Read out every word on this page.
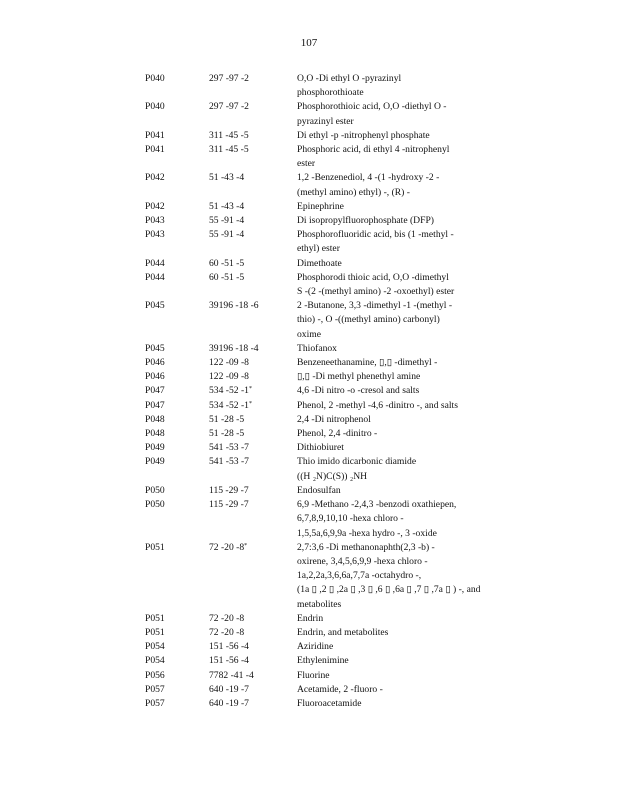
107
P040	297 -97 -2	O,O -Di ethyl O -pyrazinyl
phosphorothioate
P040	297 -97 -2	Phosphorothioic acid, O,O -diethyl O -
pyrazinyl ester
P041	311 -45 -5	Di ethyl -p -nitrophenyl phosphate
P041	311 -45 -5	Phosphoric acid, di ethyl 4 -nitrophenyl
ester
P042	51 -43 -4	1,2 -Benzenediol, 4 -(1 -hydroxy -2 -
(methyl amino) ethyl) -, (R) -
P042	51 -43 -4	Epinephrine
P043	55 -91 -4	Di isopropylfluorophosphate (DFP)
P043	55 -91 -4	Phosphorofluoridic acid, bis (1 -methyl -
ethyl) ester
P044	60 -51 -5	Dimethoate
P044	60 -51 -5	Phosphorodi thioic acid, O,O -dimethyl
S -(2 -(methyl amino) -2 -oxoethyl) ester
P045	39196 -18 -6	2 -Butanone, 3,3 -dimethyl -1 -(methyl -
thio) -, O -((methyl amino) carbonyl)
oxime
P045	39196 -18 -4	Thiofanox
P046	122 -09 -8	Benzeneethanamine, ▯,▯ -dimethyl -
P046	122 -09 -8	▯,▯ -Di methyl phenethyl amine
P047	534 -52 -1*	4,6 -Di nitro -o -cresol and salts
P047	534 -52 -1*	Phenol, 2 -methyl -4,6 -dinitro -, and salts
P048	51 -28 -5	2,4 -Di nitrophenol
P048	51 -28 -5	Phenol, 2,4 -dinitro -
P049	541 -53 -7	Dithiobiuret
P049	541 -53 -7	Thio imido dicarbonic diamide
((H ₂N)C(S)) ₂NH
P050	115 -29 -7	Endosulfan
P050	115 -29 -7	6,9 -Methano -2,4,3 -benzodi oxathiepen,
6,7,8,9,10,10 -hexa chloro -
1,5,5a,6,9,9a -hexa hydro -, 3 -oxide
P051	72 -20 -8*	2,7:3,6 -Di methanonaphth(2,3 -b) -
oxirene, 3,4,5,6,9,9 -hexa chloro -
1a,2,2a,3,6,6a,7,7a -octahydro -,
(1a ▯ ,2 ▯ ,2a ▯ ,3 ▯ ,6 ▯ ,6a ▯ ,7 ▯ ,7a ▯ ) -, and
metabolites
P051	72 -20 -8	Endrin
P051	72 -20 -8	Endrin, and metabolites
P054	151 -56 -4	Aziridine
P054	151 -56 -4	Ethylenimine
P056	7782 -41 -4	Fluorine
P057	640 -19 -7	Acetamide, 2 -fluoro -
P057	640 -19 -7	Fluoroacetamide
